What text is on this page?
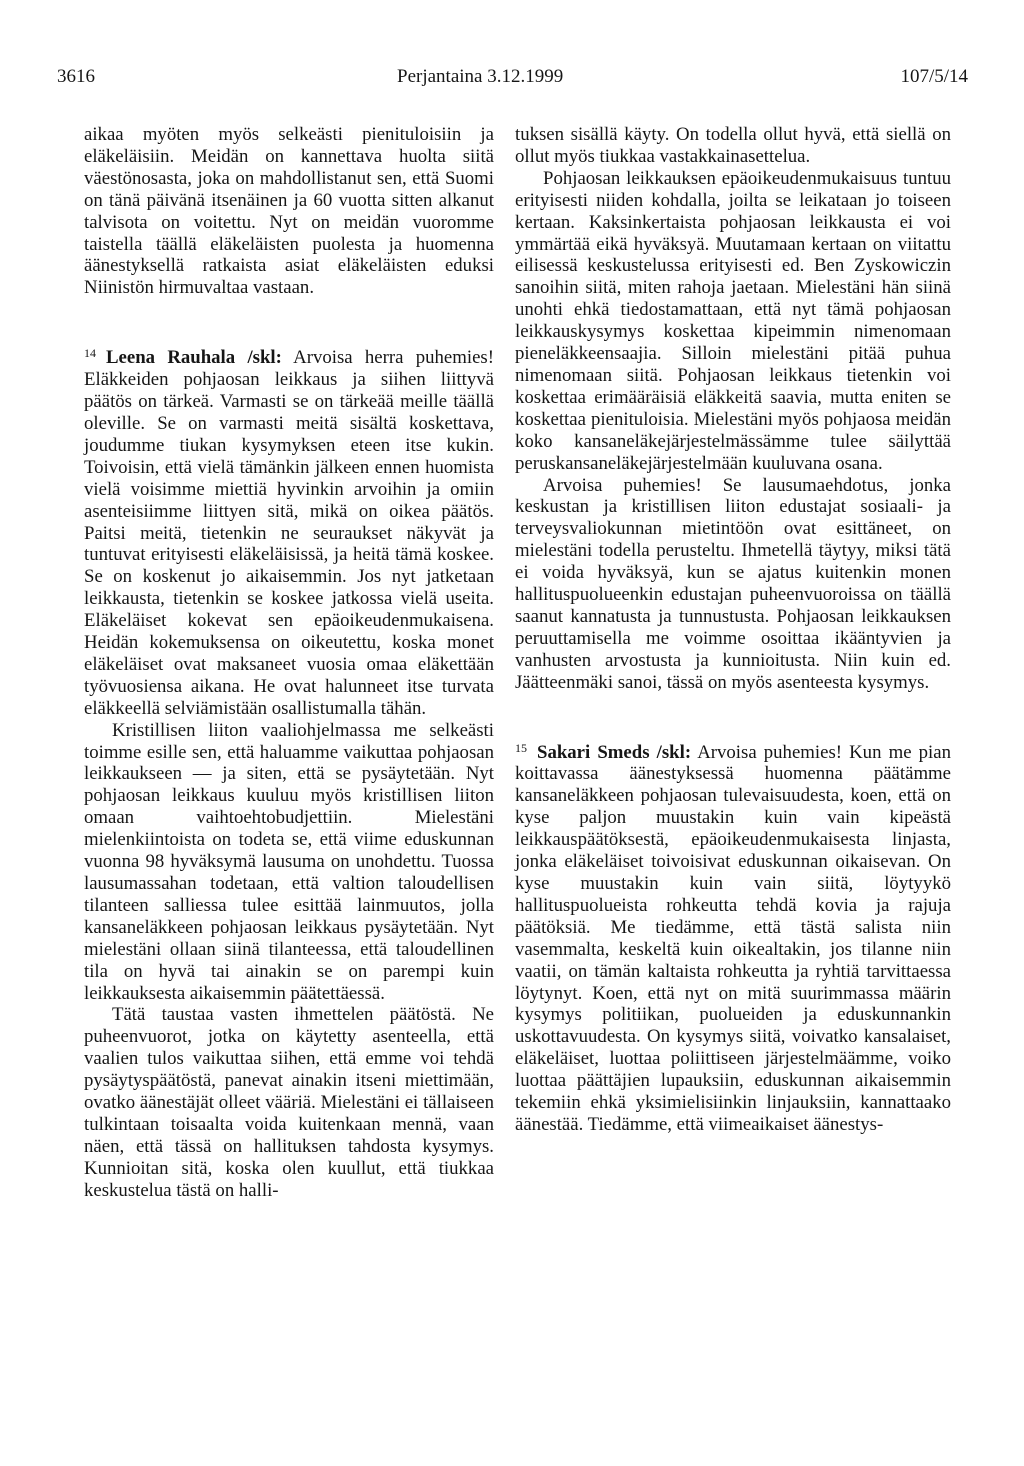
3616	Perjantaina 3.12.1999	107/5/14

aikaa myöten myös selkeästi pienituloisiin ja eläkeläisiin. Meidän on kannettava huolta siitä väestönosasta, joka on mahdollistanut sen, että Suomi on tänä päivänä itsenäinen ja 60 vuotta sitten alkanut talvisota on voitettu. Nyt on meidän vuoromme taistella täällä eläkeläisten puolesta ja huomenna äänestyksellä ratkaista asiat eläkeläisten eduksi Niinistön hirmuvaltaa vastaan.

$^{14}$ Leena Rauhala /skl: Arvoisa herra puhemies! Eläkkeiden pohjaosan leikkaus ja siihen liittyvä päätös on tärkeä. Varmasti se on tärkeää meille täällä oleville. Se on varmasti meitä sisältä koskettava, joudumme tiukan kysymyksen eteen itse kukin. Toivoisin, että vielä tämänkin jälkeen ennen huomista vielä voisimme miettiä hyvinkin arvoihin ja omiin asenteisiimme liittyen sitä, mikä on oikea päätös. Paitsi meitä, tietenkin ne seuraukset näkyvät ja tuntuvat erityisesti eläkeläisissä, ja heitä tämä koskee. Se on koskenut jo aikaisemmin. Jos nyt jatketaan leikkausta, tietenkin se koskee jatkossa vielä useita. Eläkeläiset kokevat sen epäoikeudenmukaisena. Heidän kokemuksensa on oikeutettu, koska monet eläkeläiset ovat maksaneet vuosia omaa eläkettään työvuosiensa aikana. He ovat halunneet itse turvata eläkkeellä selviämistään osallistumalla tähän.

Kristillisen liiton vaaliohjelmassa me selkeästi toimme esille sen, että haluamme vaikuttaa pohjaosan leikkaukseen — ja siten, että se pysäytetään. Nyt pohjaosan leikkaus kuuluu myös kristillisen liiton omaan vaihtoehtobudjettiin. Mielestäni mielenkiintoista on todeta se, että viime eduskunnan vuonna 98 hyväksymä lausuma on unohdettu. Tuossa lausumassahan todetaan, että valtion taloudellisen tilanteen salliessa tulee esittää lainmuutos, jolla kansaneläkkeen pohjaosan leikkaus pysäytetään. Nyt mielestäni ollaan siinä tilanteessa, että taloudellinen tila on hyvä tai ainakin se on parempi kuin leikkauksesta aikaisemmin päätettäessä.

Tätä taustaa vasten ihmettelen päätöstä. Ne puheenvuorot, jotka on käytetty asenteella, että vaalien tulos vaikuttaa siihen, että emme voi tehdä pysäytyspäätöstä, panevat ainakin itseni miettimään, ovatko äänestäjät olleet vääriä. Mielestäni ei tällaiseen tulkintaan toisaalta voida kuitenkaan mennä, vaan näen, että tässä on hallituksen tahdosta kysymys. Kunnioitan sitä, koska olen kuullut, että tiukkaa keskustelua tästä on halli-

tuksen sisällä käyty. On todella ollut hyvä, että siellä on ollut myös tiukkaa vastakkainasettelua.

Pohjaosan leikkauksen epäoikeudenmukaisuus tuntuu erityisesti niiden kohdalla, joilta se leikataan jo toiseen kertaan. Kaksinkertaista pohjaosan leikkausta ei voi ymmärtää eikä hyväksyä. Muutamaan kertaan on viitattu eilisessä keskustelussa erityisesti ed. Ben Zyskowiczin sanoihin siitä, miten rahoja jaetaan. Mielestäni hän siinä unohti ehkä tiedostamattaan, että nyt tämä pohjaosan leikkauskysymys koskettaa kipeimmin nimenomaan pieneläkkeensaajia. Silloin mielestäni pitää puhua nimenomaan siitä. Pohjaosan leikkaus tietenkin voi koskettaa erimääräisiä eläkkeitä saavia, mutta eniten se koskettaa pienituloisia. Mielestäni myös pohjaosa meidän koko kansaneläkejärjestelmässämme tulee säilyttää peruskansaneläkejärjestelmään kuuluvana osana.

Arvoisa puhemies! Se lausumaehdotus, jonka keskustan ja kristillisen liiton edustajat sosiaali- ja terveysvaliokunnan mietintöön ovat esittäneet, on mielestäni todella perusteltu. Ihmetellä täytyy, miksi tätä ei voida hyväksyä, kun se ajatus kuitenkin monen hallituspuolueenkin edustajan puheenvuoroissa on täällä saanut kannatusta ja tunnustusta. Pohjaosan leikkauksen peruuttamisella me voimme osoittaa ikääntyvien ja vanhusten arvostusta ja kunnioitusta. Niin kuin ed. Jäätteenmäki sanoi, tässä on myös asenteesta kysymys.

$^{15}$ Sakari Smeds /skl: Arvoisa puhemies! Kun me pian koittavassa äänestyksessä huomenna päätämme kansaneläkkeen pohjaosan tulevaisuudesta, koen, että on kyse paljon muustakin kuin vain kipeästä leikkauspäätöksestä, epäoikeudenmukaisesta linjasta, jonka eläkeläiset toivoisivat eduskunnan oikaisevan. On kyse muustakin kuin vain siitä, löytyykö hallituspuolueista rohkeutta tehdä kovia ja rajuja päätöksiä. Me tiedämme, että tästä salista niin vasemmalta, keskeltä kuin oikealtakin, jos tilanne niin vaatii, on tämän kaltaista rohkeutta ja ryhtiä tarvittaessa löytynyt. Koen, että nyt on mitä suurimmassa määrin kysymys politiikan, puolueiden ja eduskunnankin uskottavuudesta. On kysymys siitä, voivatko kansalaiset, eläkeläiset, luottaa poliittiseen järjestelmäämme, voiko luottaa päättäjien lupauksiin, eduskunnan aikaisemmin tekemiin ehkä yksimielisiinkin linjauksiin, kannattaako äänestää. Tiedämme, että viimeaikaiset äänestys-
